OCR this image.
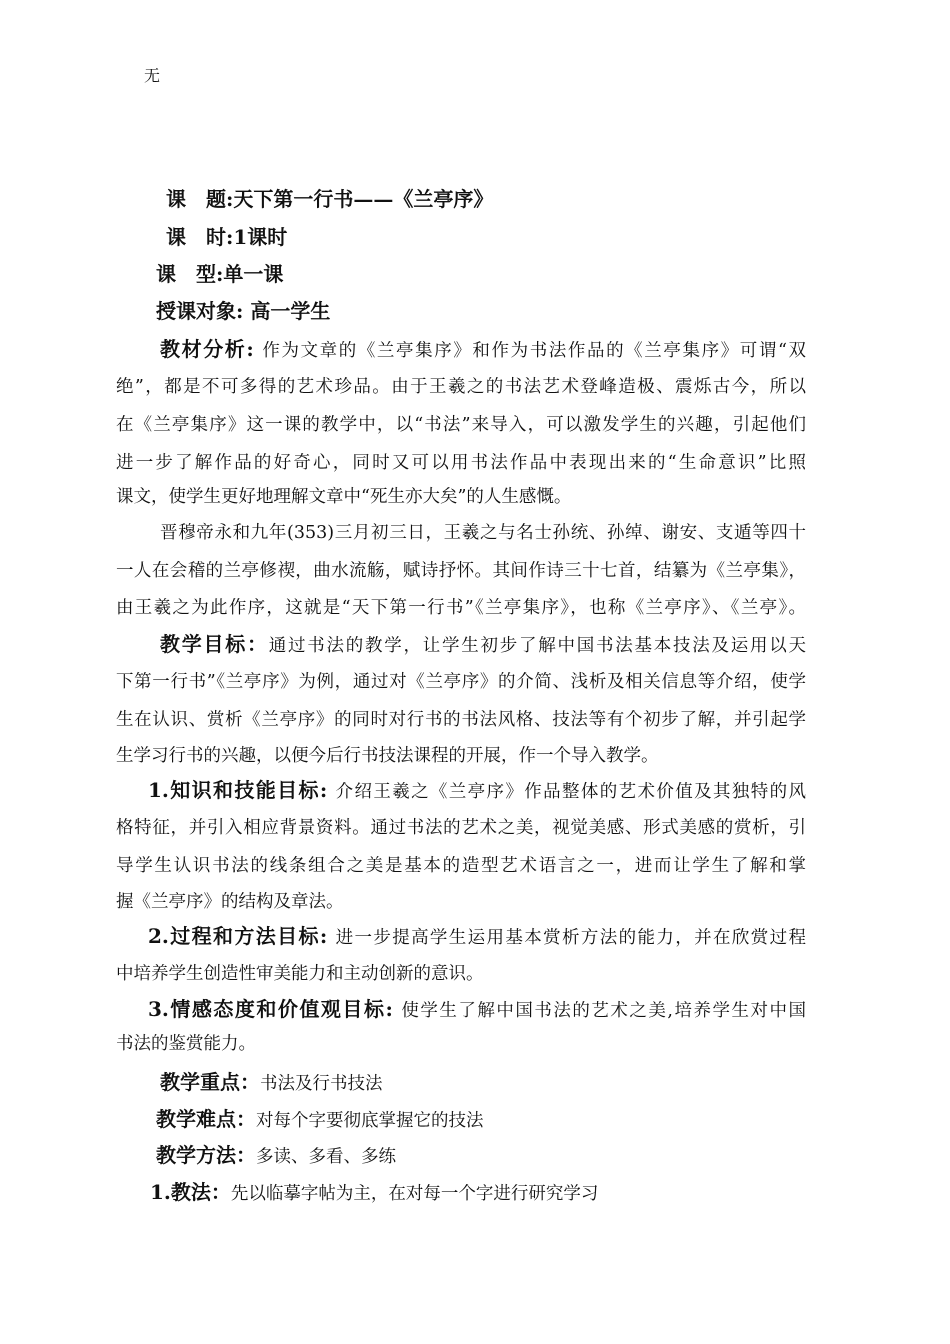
无

课　题:天下第一行书——《兰亭序》

课　时:1课时

课　型:单一课

授课对象: 高一学生

教材分析: 作为文章的《兰亭集序》和作为书法作品的《兰亭集序》可谓“双

绝”，都是不可多得的艺术珍品。由于王羲之的书法艺术登峰造极、震烁古今，所以

在《兰亭集序》这一课的教学中，以“书法”来导入，可以激发学生的兴趣，引起他们

进一步了解作品的好奇心，同时又可以用书法作品中表现出来的“生命意识”比照

课文，使学生更好地理解文章中“死生亦大矣”的人生感慨。

晋穆帝永和九年(353)三月初三日，王羲之与名士孙统、孙绰、谢安、支遁等四十

一人在会稽的兰亭修禊，曲水流觞，赋诗抒怀。其间作诗三十七首，结纂为《兰亭集》，

由王羲之为此作序，这就是“天下第一行书”《兰亭集序》，也称《兰亭序》、《兰亭》。

教学目标：通过书法的教学，让学生初步了解中国书法基本技法及运用以天

下第一行书”《兰亭序》为例，通过对《兰亭序》的介简、浅析及相关信息等介绍，使学

生在认识、赏析《兰亭序》的同时对行书的书法风格、技法等有个初步了解，并引起学

生学习行书的兴趣，以便今后行书技法课程的开展，作一个导入教学。

1.知识和技能目标: 介绍王羲之《兰亭序》作品整体的艺术价值及其独特的风

格特征，并引入相应背景资料。通过书法的艺术之美，视觉美感、形式美感的赏析，引

导学生认识书法的线条组合之美是基本的造型艺术语言之一，进而让学生了解和掌

握《兰亭序》的结构及章法。

2.过程和方法目标: 进一步提高学生运用基本赏析方法的能力，并在欣赏过程

中培养学生创造性审美能力和主动创新的意识。

3.情感态度和价值观目标: 使学生了解中国书法的艺术之美,培养学生对中国

书法的鉴赏能力。

教学重点：书法及行书技法

教学难点：对每个字要彻底掌握它的技法

教学方法：多读、多看、多练

1.教法：先以临摹字帖为主，在对每一个字进行研究学习
